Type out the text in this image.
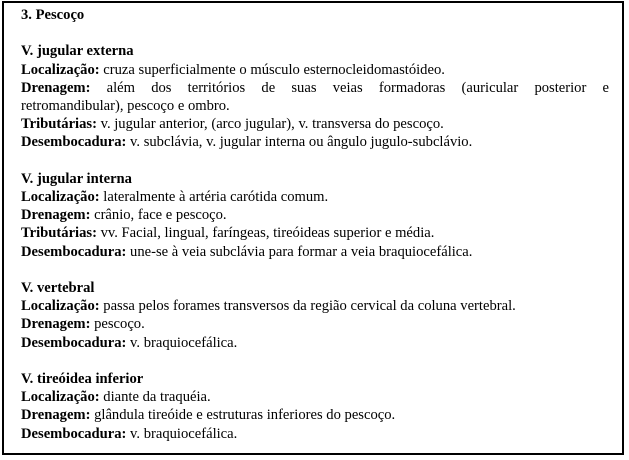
3. Pescoço

V. jugular externa

Localização: cruza superficialmente o músculo esternocleidomastóideo.

Drenagem: além dos territórios de suas veias formadoras (auricular posterior e

retromandibular), pescoço e ombro.

Tributárias: v. jugular anterior, (arco jugular), v. transversa do pescoço.

Desembocadura: v. subclávia, v. jugular interna ou ângulo jugulo-subclávio.

V. jugular interna

Localização: lateralmente à artéria carótida comum.

Drenagem: crânio, face e pescoço.

Tributárias: vv. Facial, lingual, faríngeas, tireóideas superior e média.

Desembocadura: une-se à veia subclávia para formar a veia braquiocefálica.

V. vertebral

Localização: passa pelos forames transversos da região cervical da coluna vertebral.

Drenagem: pescoço.

Desembocadura: v. braquiocefálica.

V. tireóidea inferior

Localização: diante da traquéia.

Drenagem: glândula tireóide e estruturas inferiores do pescoço.

Desembocadura: v. braquiocefálica.
